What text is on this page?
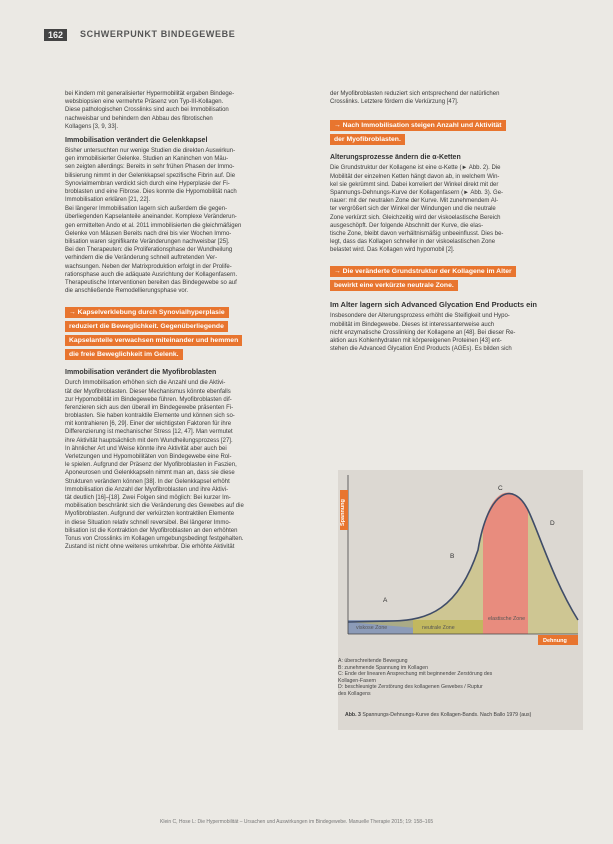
162	SCHWERPUNKT BINDEGEWEBE
bei Kindern mit generalisierter Hypermobilität ergaben Bindege-
websbiopsien eine vermehrte Präsenz von Typ-III-Kollagen.
Diese pathologischen Crosslinks sind auch bei Immobilisation
nachweisbar und behindern den Abbau des fibrotischen
Kollagens [3, 9, 33].
Immobilisation verändert die Gelenkkapsel
Bisher untersuchten nur wenige Studien die direkten Auswirkun-
gen immobilisierter Gelenke. Studien an Kaninchen von Mäu-
sen zeigten allerdings: Bereits in sehr frühen Phasen der Immo-
bilisierung nimmt in der Gelenkkapsel spezifische Fibrin auf. Die
Synovialmembran verdickt sich durch eine Hyperplasie der Fi-
broblasten und eine Fibrose. Dies konnte die Hypomobilität nach
Immobilisation erklären [21, 22].
Bei längerer Immobilisation lagern sich außerdem die gegen-
überliegenden Kapselanteile aneinander. Komplexe Veränderun-
gen ermittelten Ando et al. 2011 immobilisierten die gleichmäßigen
Gelenke von Mäusen Bereits nach drei bis vier Wochen Immo-
bilisation waren signifikante Veränderungen nachweisbar [25].
Bei den Therapeuten: die Proliferationsphase der Wundheilung
verhindern die die Veränderung schnell auftretenden Ver-
wachsungen. Neben der Matrixproduktion erfolgt in der Prolife-
rationsphase auch die adäquate Ausrichtung der Kollagenfasern.
Therapeutische Interventionen bereiten das Bindegewebe so auf
die anschließende Remodellierungsphase vor.
→ Kapselverklebung durch Synovialhyperplasie
reduziert die Beweglichkeit. Gegenüberliegende
Kapselanteile verwachsen miteinander und hemmen
die freie Beweglichkeit im Gelenk.
Immobilisation verändert die Myofibroblasten
Durch Immobilisation erhöhen sich die Anzahl und die Aktivi-
tät der Myofibroblasten. Dieser Mechanismus könnte ebenfalls
zur Hypomobilität im Bindegewebe führen. Myofibroblasten dif-
ferenzieren sich aus den überall im Bindegewebe präsenten Fi-
broblasten. Sie haben kontraktile Elemente und können sich so-
mit kontrahieren [6, 29]. Einer der wichtigsten Faktoren für ihre
Differenzierung ist mechanischer Stress [12, 47]. Man vermutet
ihre Aktivität hauptsächlich mit dem Wundheilungsprozess [27].
In ähnlicher Art und Weise könnte ihre Aktivität aber auch bei
Verletzungen und Hypomobilitäten von Bindegewebe eine Rol-
le spielen. Aufgrund der Präsenz der Myofibroblasten in Faszien,
Aponeurosen und Gelenkkapseln nimmt man an, dass sie diese
Strukturen verändern können [38]. In der Gelenkkapsel erhöht
Immobilisation die Anzahl der Myofibroblasten und ihre Aktivi-
tät deutlich [16]–[18]. Zwei Folgen sind möglich: Bei kurzer Im-
mobilisation beschränkt sich die Veränderung des Gewebes auf die
Myofibroblasten. Aufgrund der verkürzten kontraktilen Elemente
in diese Situation relativ schnell reversibel. Bei längerer Immo-
bilisation ist die Kontraktion der Myofibroblasten an den erhöhten
Tonus von Crosslinks im Kollagen umgebungsbedingt festgehalten.
Zustand ist nicht ohne weiteres umkehrbar. Die erhöhte Aktivität
der Myofibroblasten reduziert sich entsprechend der natürlichen
Crosslinks. Letztere fördern die Verkürzung [47].
→ Nach Immobilisation steigen Anzahl und Aktivität
der Myofibroblasten.
Alterungsprozesse ändern die α-Ketten
Die Grundstruktur der Kollagene ist eine α-Kette (► Abb. 2). Die
Mobilität der einzelnen Ketten hängt davon ab, in welchem Win-
kel sie gekrümmt sind. Dabei korreliert der Winkel direkt mit der
Spannungs-Dehnungs-Kurve der Kollagenfasern (► Abb. 3). Ge-
nauer: mit der neutralen Zone der Kurve. Mit zunehmendem Al-
ter vergrößert sich der Winkel der Windungen und die neutrale
Zone verkürzt sich. Gleichzeitig wird der viskoelastische Bereich
ausgeschöpft. Der folgende Abschnitt der Kurve, die elas-
tische Zone, bleibt davon verhältnismäßig unbeeinflusst. Dies be-
legt, dass das Kollagen schneller in der viskoelastischen Zone
belastet wird. Das Kollagen wird hypomobil [2].
→ Die veränderte Grundstruktur der Kollagene im Alter
bewirkt eine verkürzte neutrale Zone.
Im Alter lagern sich Advanced Glycation End Products ein
Insbesondere der Alterungsprozess erhöht die Steifigkeit und Hypo-
mobilität im Bindegewebe. Dieses ist interessanterweise auch
nicht enzymatische Crosslinking der Kollagene an [48]. Bei dieser Re-
aktion aus Kohlenhydraten mit körpereigenen Proteinen [43] ent-
stehen die Advanced Glycation End Products (AGEs). Es bilden sich
Spannung
Dehnung
A
B
C
D
viskose Zone	neutrale Zone
elastische Zone
A: überschreitende Bewegung
B: zunehmende Spannung im Kollagen
C: Ende der linearen Ansprechung mit beginnender Zerstörung des
Kollagen-Fasern
D: beschleunigte Zerstörung des kollagenen Gewebes / Ruptur
des Kollagens
Abb. 3 Spannungs-Dehnungs-Kurve des Kollagen-Bands. Nach Ballo 1979 (aus)
Klein C, Hose L: Die Hypermobilität – Ursachen und Auswirkungen im Bindegewebe. Manuelle Therapie 2015; 19: 158–165
